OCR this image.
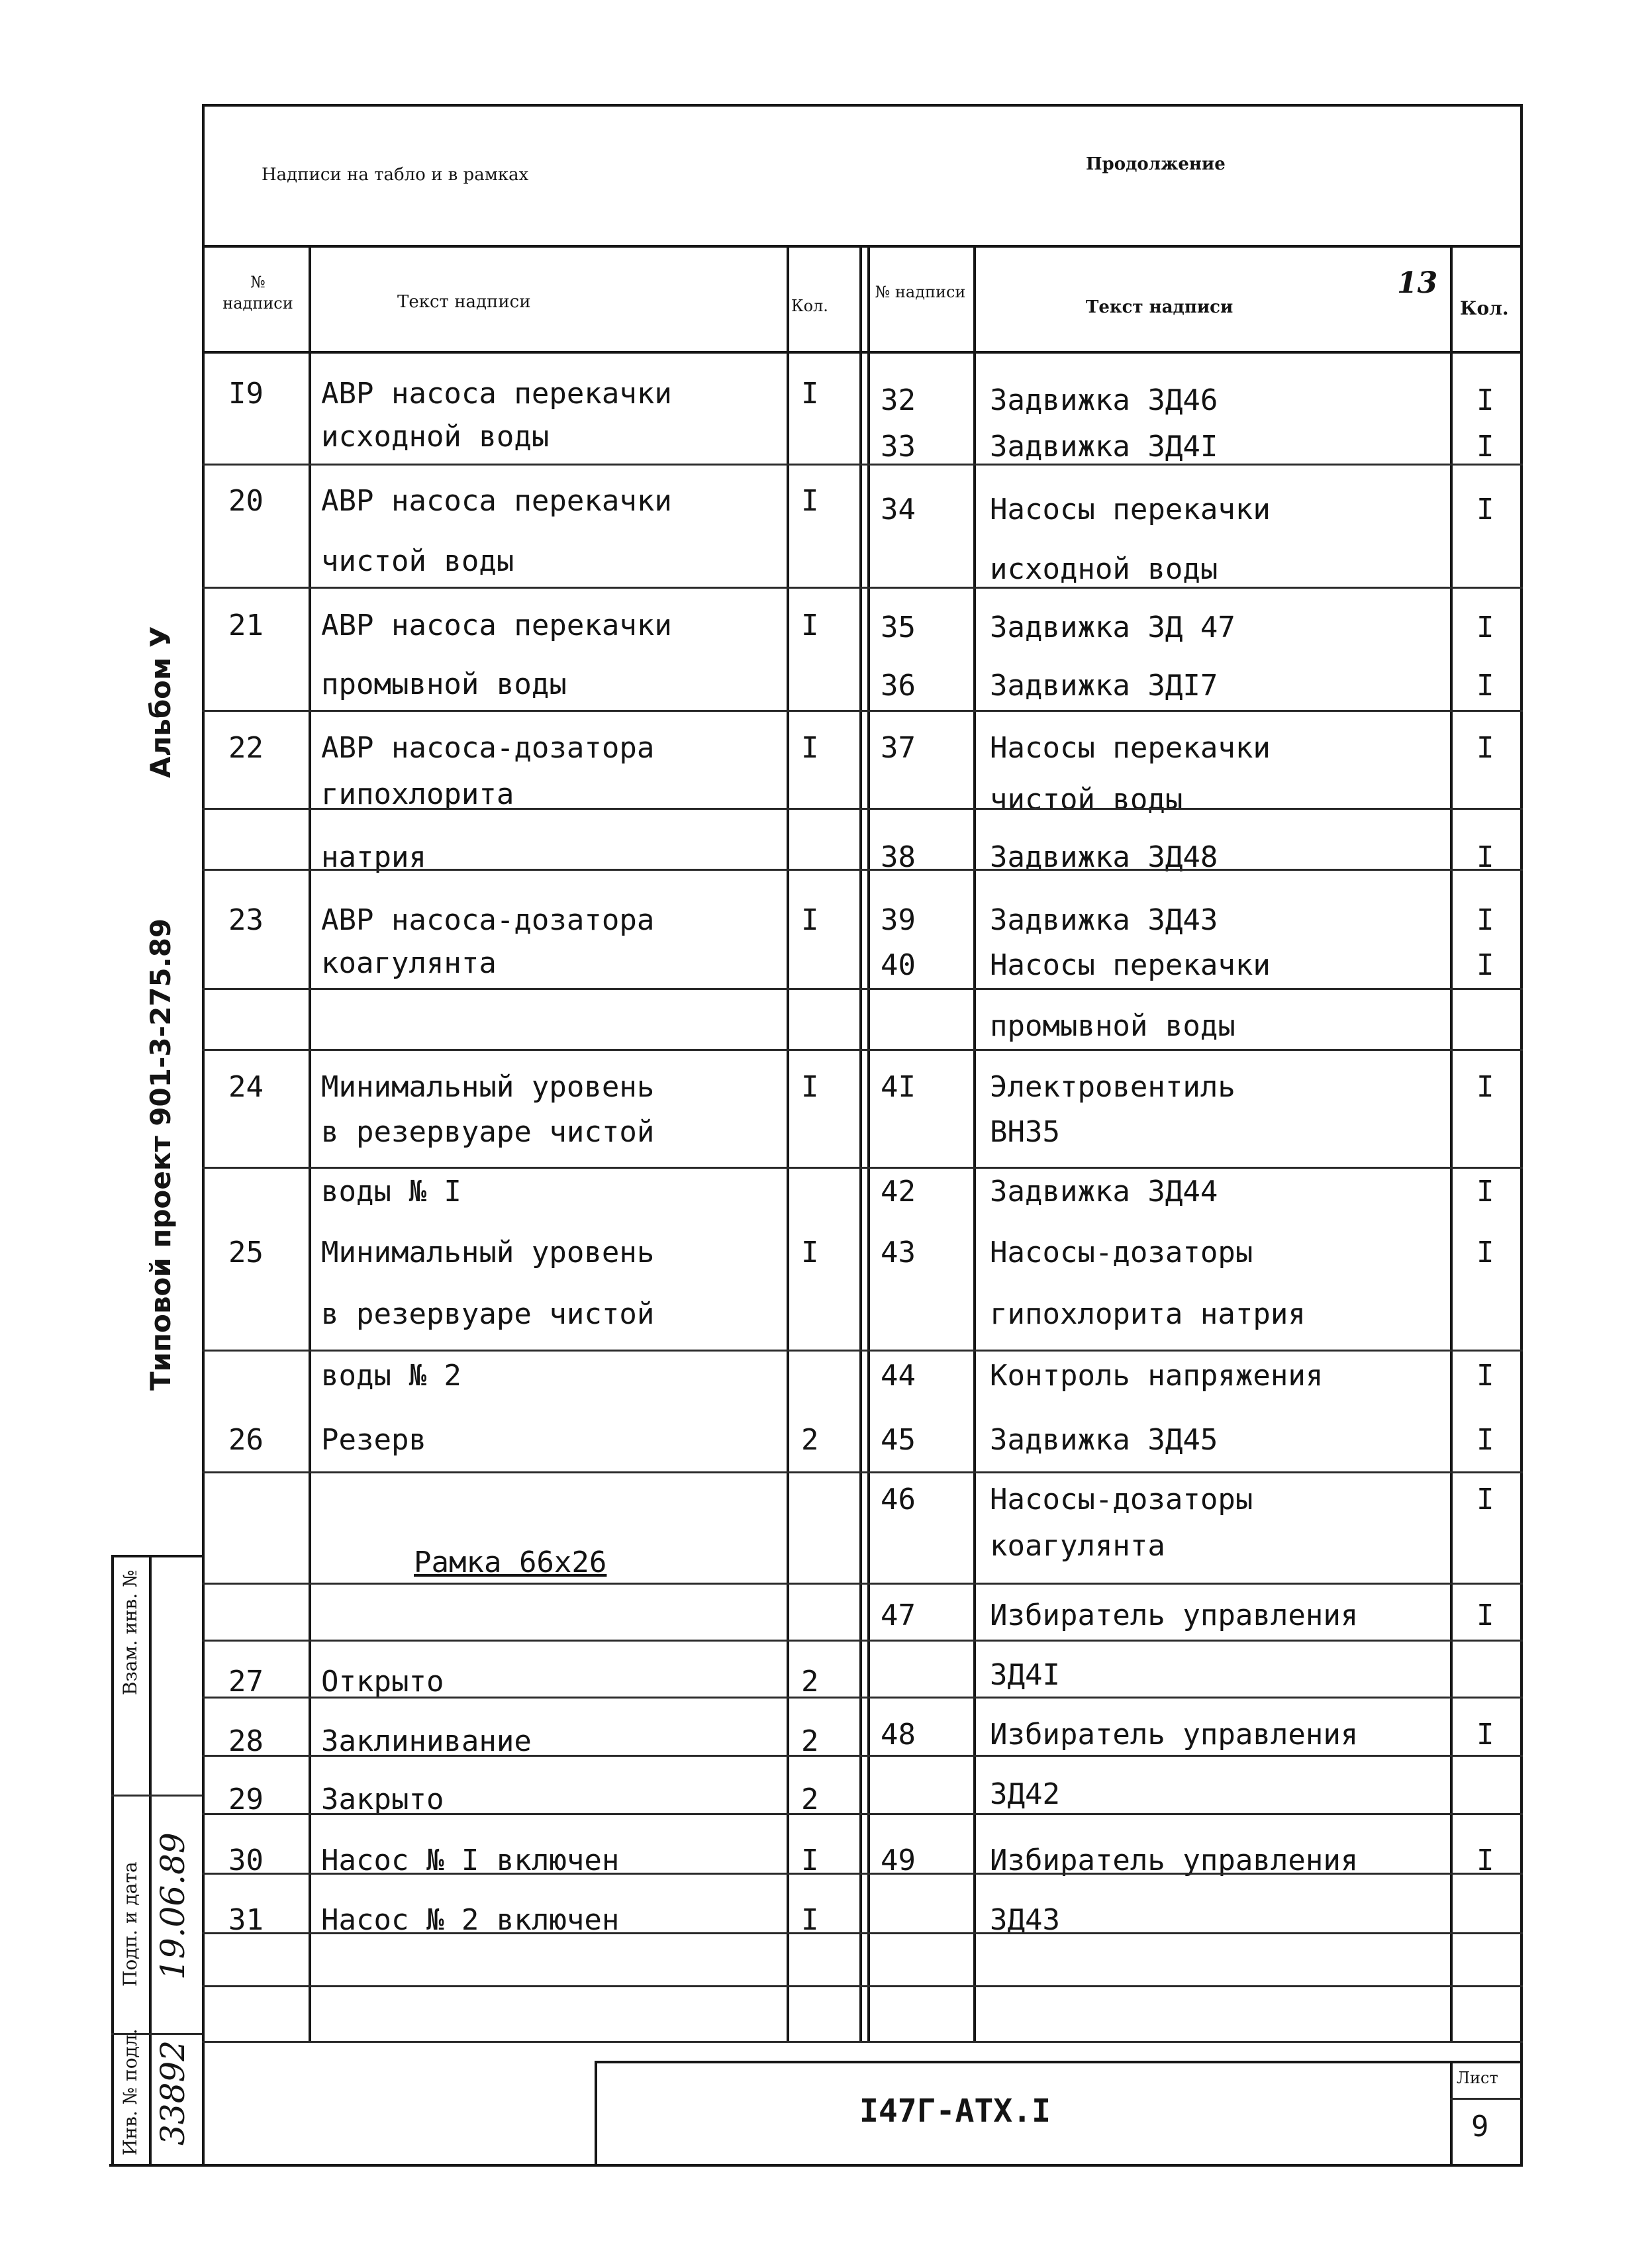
Надписи на табло и в рамках
Продолжение
№ надписи	Текст надписи	Кол.
№ надписи
Текст надписи	Кол.
13
I9 АВР насоса перекачки	I
исходной воды
20 АВР насоса перекачки	I
чистой воды
21 АВР насоса перекачки	I
промывной воды
22 АВР насоса-дозатора	I
гипохлорита
натрия
23 АВР насоса-дозатора	I
коагулянта
24 Минимальный уровень	I
в резервуаре чистой
воды № I
25 Минимальный уровень	I
в резервуаре чистой
воды № 2
26 Резерв	2
Рамка 66х26
27 Открыто	2
28 Заклинивание	2
29 Закрыто	2
30 Насос № I включен	I
31 Насос № 2 включен	I
32	Задвижка ЗД46	I
33	Задвижка ЗД4I	I
34	Насосы перекачки	I
исходной воды
35	Задвижка ЗД 47	I
36	Задвижка ЗДI7	I
37	Насосы перекачки	I
чистой воды
38	Задвижка ЗД48	I
39	Задвижка ЗД43	I
40	Насосы перекачки	I
промывной воды
4I	Электровентиль	I
ВН35
42	Задвижка ЗД44	I
43	Насосы-дозаторы	I
гипохлорита натрия
44	Контроль напряжения	I
45	Задвижка ЗД45	I
46	Насосы-дозаторы	I
коагулянта
47	Избиратель управления	I
ЗД4I
48	Избиратель управления	I
ЗД42
49	Избиратель управления	I
ЗД43
Альбом У
Типовой проект 901-3-275.89
Взам. инв. №
Подп. и дата 19.06.89
Инв. № подл. 33892	I47Г-АТХ.I
Лист
9
